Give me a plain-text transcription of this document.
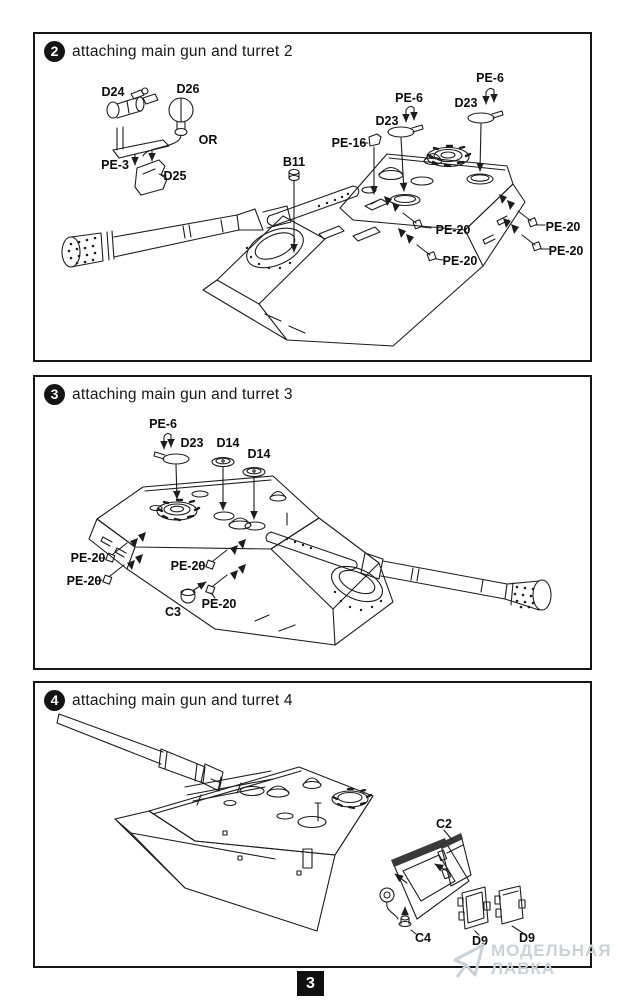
2 attaching main gun and turret 2
D24	D26
OR
PE-3
D25
B11
PE-16
D23
PE-6	D23
PE-6
PE-20	PE-20
PE-20
PE-20
3 attaching main gun and turret 3
PE-6
D23 D14
D14
PE-20
PE-20
PE-20
PE-20
C3
4 attaching main gun and turret 4
C2
C4	D9 D9
3
МОДЕЛЬНАЯ
ЛАВКА
